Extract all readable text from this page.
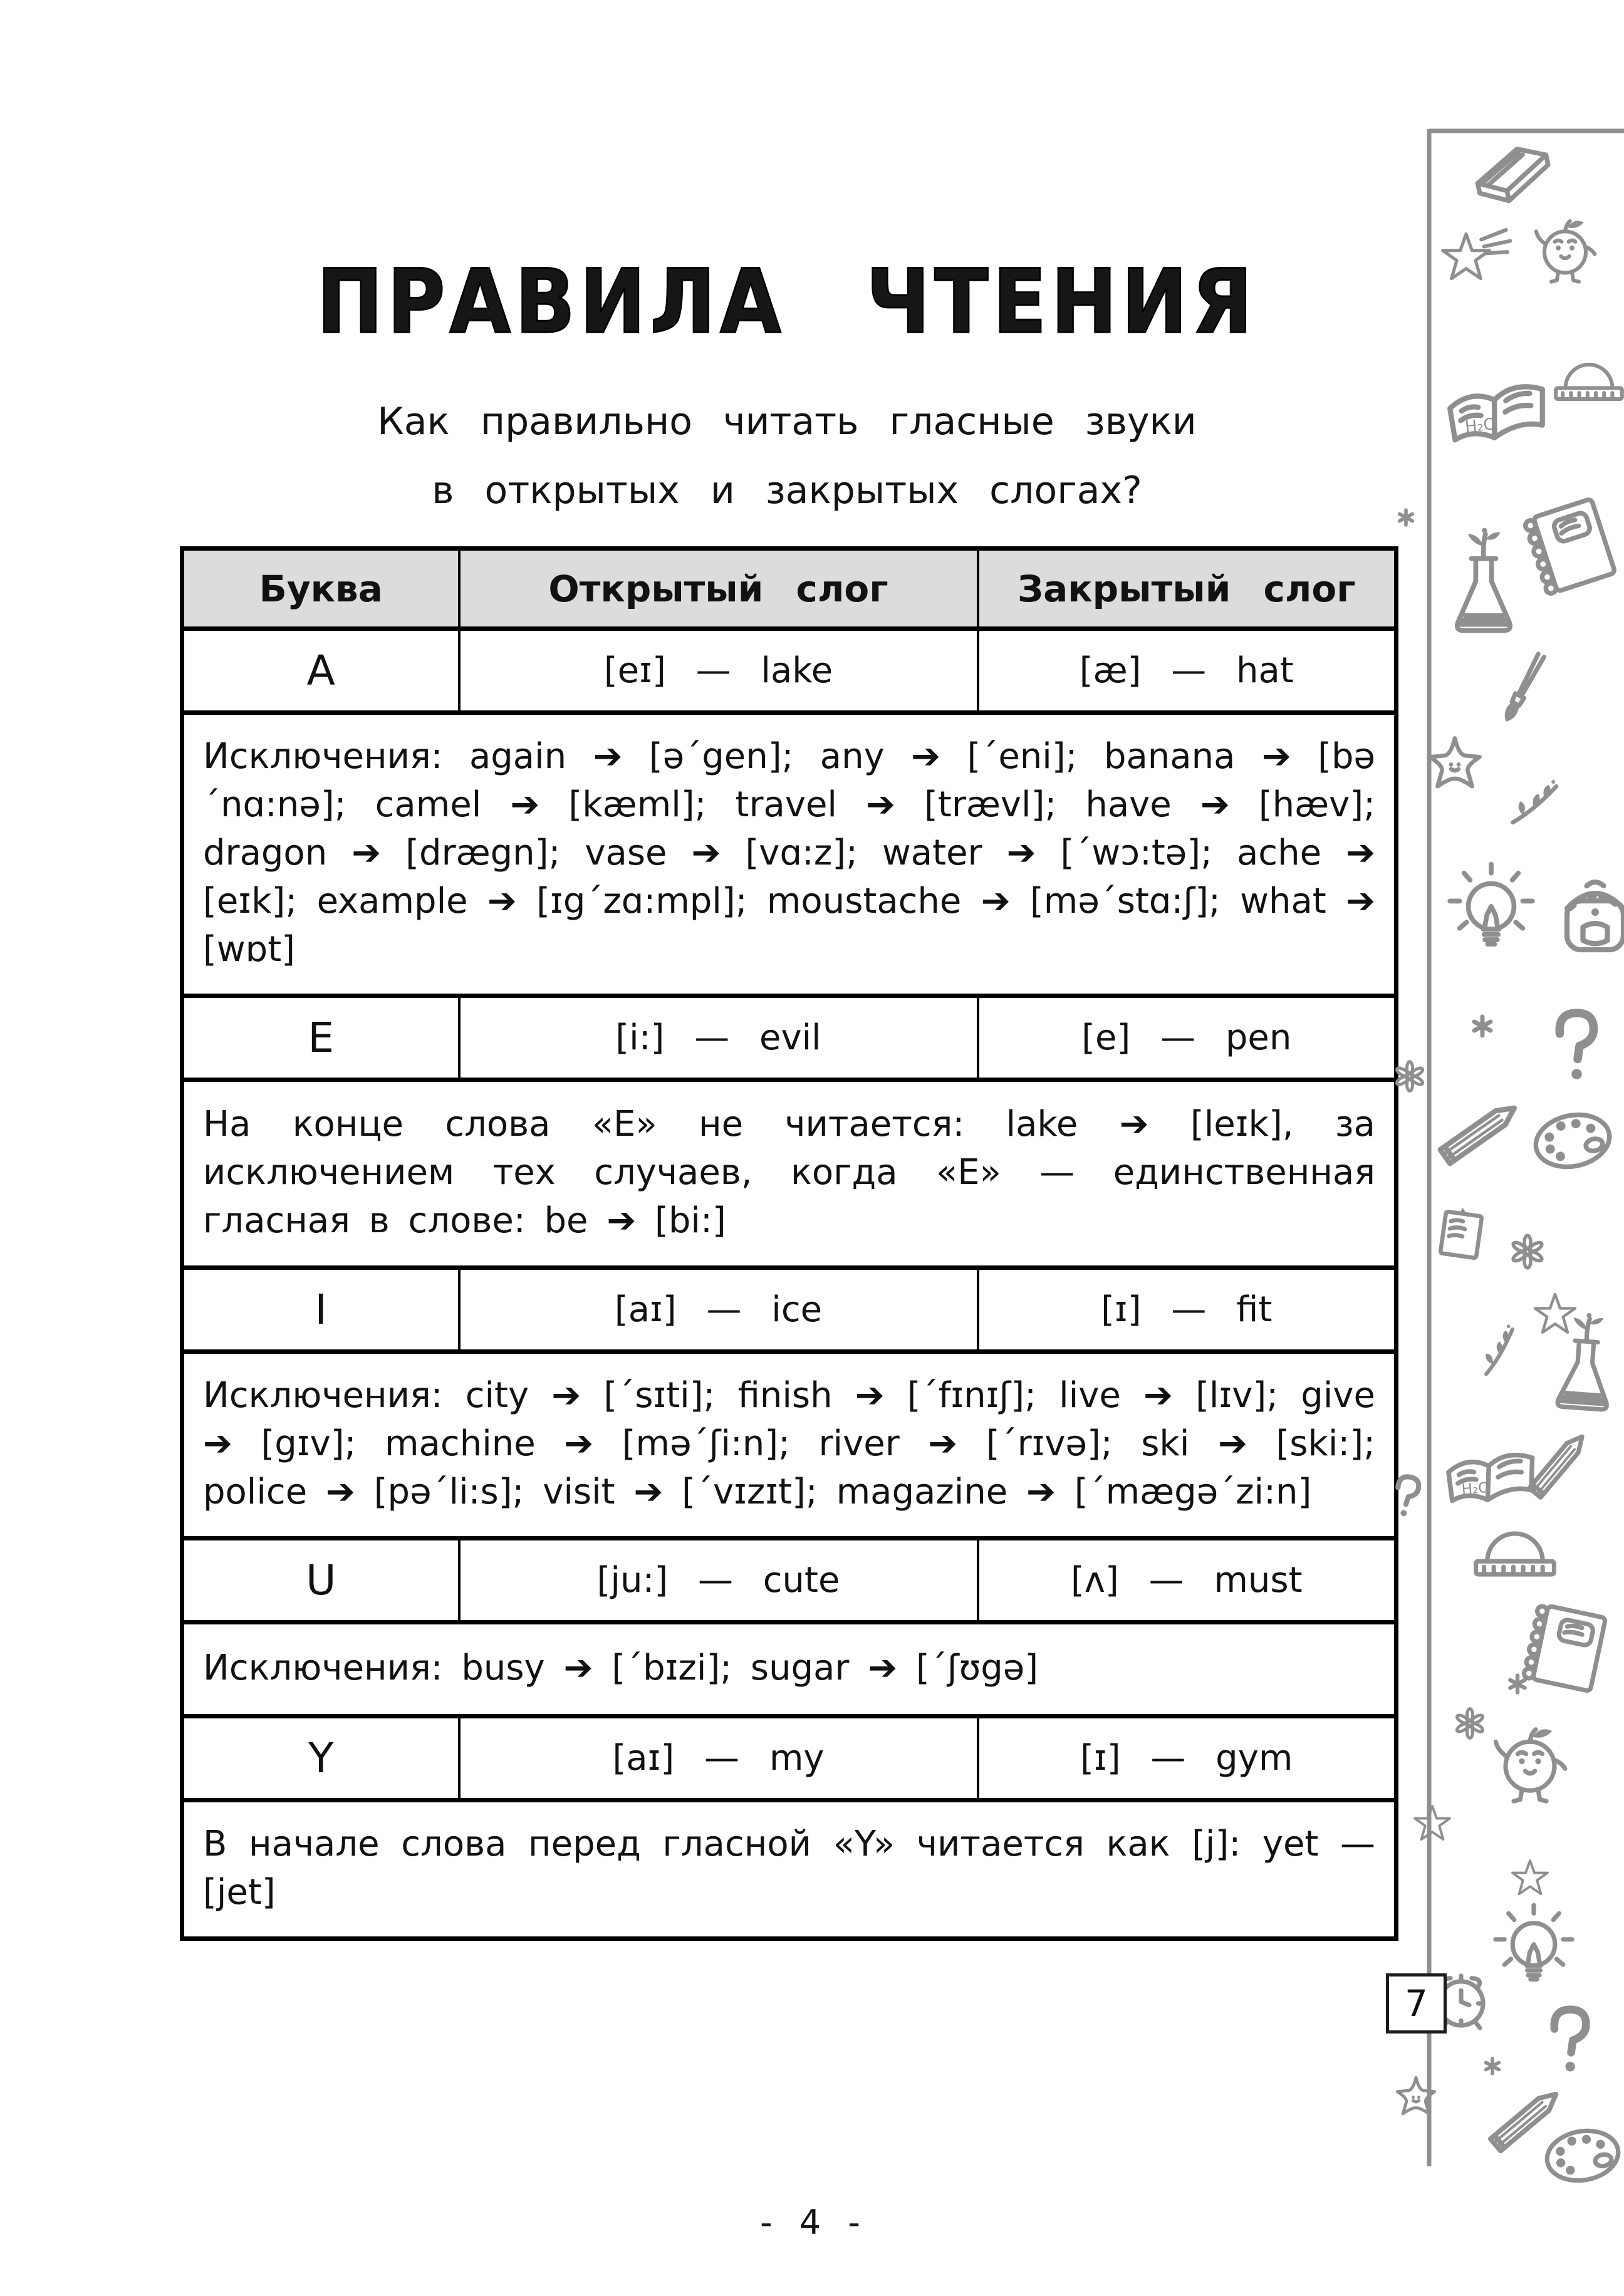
ПРАВИЛА ЧТЕНИЯ
Как правильно читать гласные звуки
в открытых и закрытых слогах?
Буква	Открытый слог	Закрытый слог
A	[eɪ] — lake	[æ] — hat
Исключения: again ➔ [ə´gen]; any ➔ [´eni]; banana ➔ [bə´nɑ:nə]; camel ➔ [kæml]; travel ➔ [trævl]; have ➔ [hæv]; dragon ➔ [drægn]; vase ➔ [vɑ:z]; water ➔ [´wɔ:tə]; ache ➔ [eɪk]; example ➔ [ɪg´zɑ:mpl]; moustache ➔ [mə´stɑ:ʃ]; what ➔ [wɒt]		
E	[i:] — evil	[e] — pen
На конце слова «E» не читается: lake ➔ [leɪk], за исключением тех случаев, когда «E» — единственная гласная в слове: be ➔ [bi:]		
I	[aɪ] — ice	[ɪ] — fit
Исключения: city ➔ [´sɪti]; finish ➔ [´fɪnɪʃ]; live ➔ [lɪv]; give ➔ [gɪv]; machine ➔ [mə´ʃi:n]; river ➔ [´rɪvə]; ski ➔ [ski:]; police ➔ [pə´li:s]; visit ➔ [´vɪzɪt]; magazine ➔ [´mægə´zi:n]		
U	[ju:] — cute	[ʌ] — must
Исключения: busy ➔ [´bɪzi]; sugar ➔ [´ʃʊgə]		
Y	[aɪ] — my	[ɪ] — gym
В начале слова перед гласной «Y» читается как [j]: yet — [jet]		
H₂O
7
- 4 -
